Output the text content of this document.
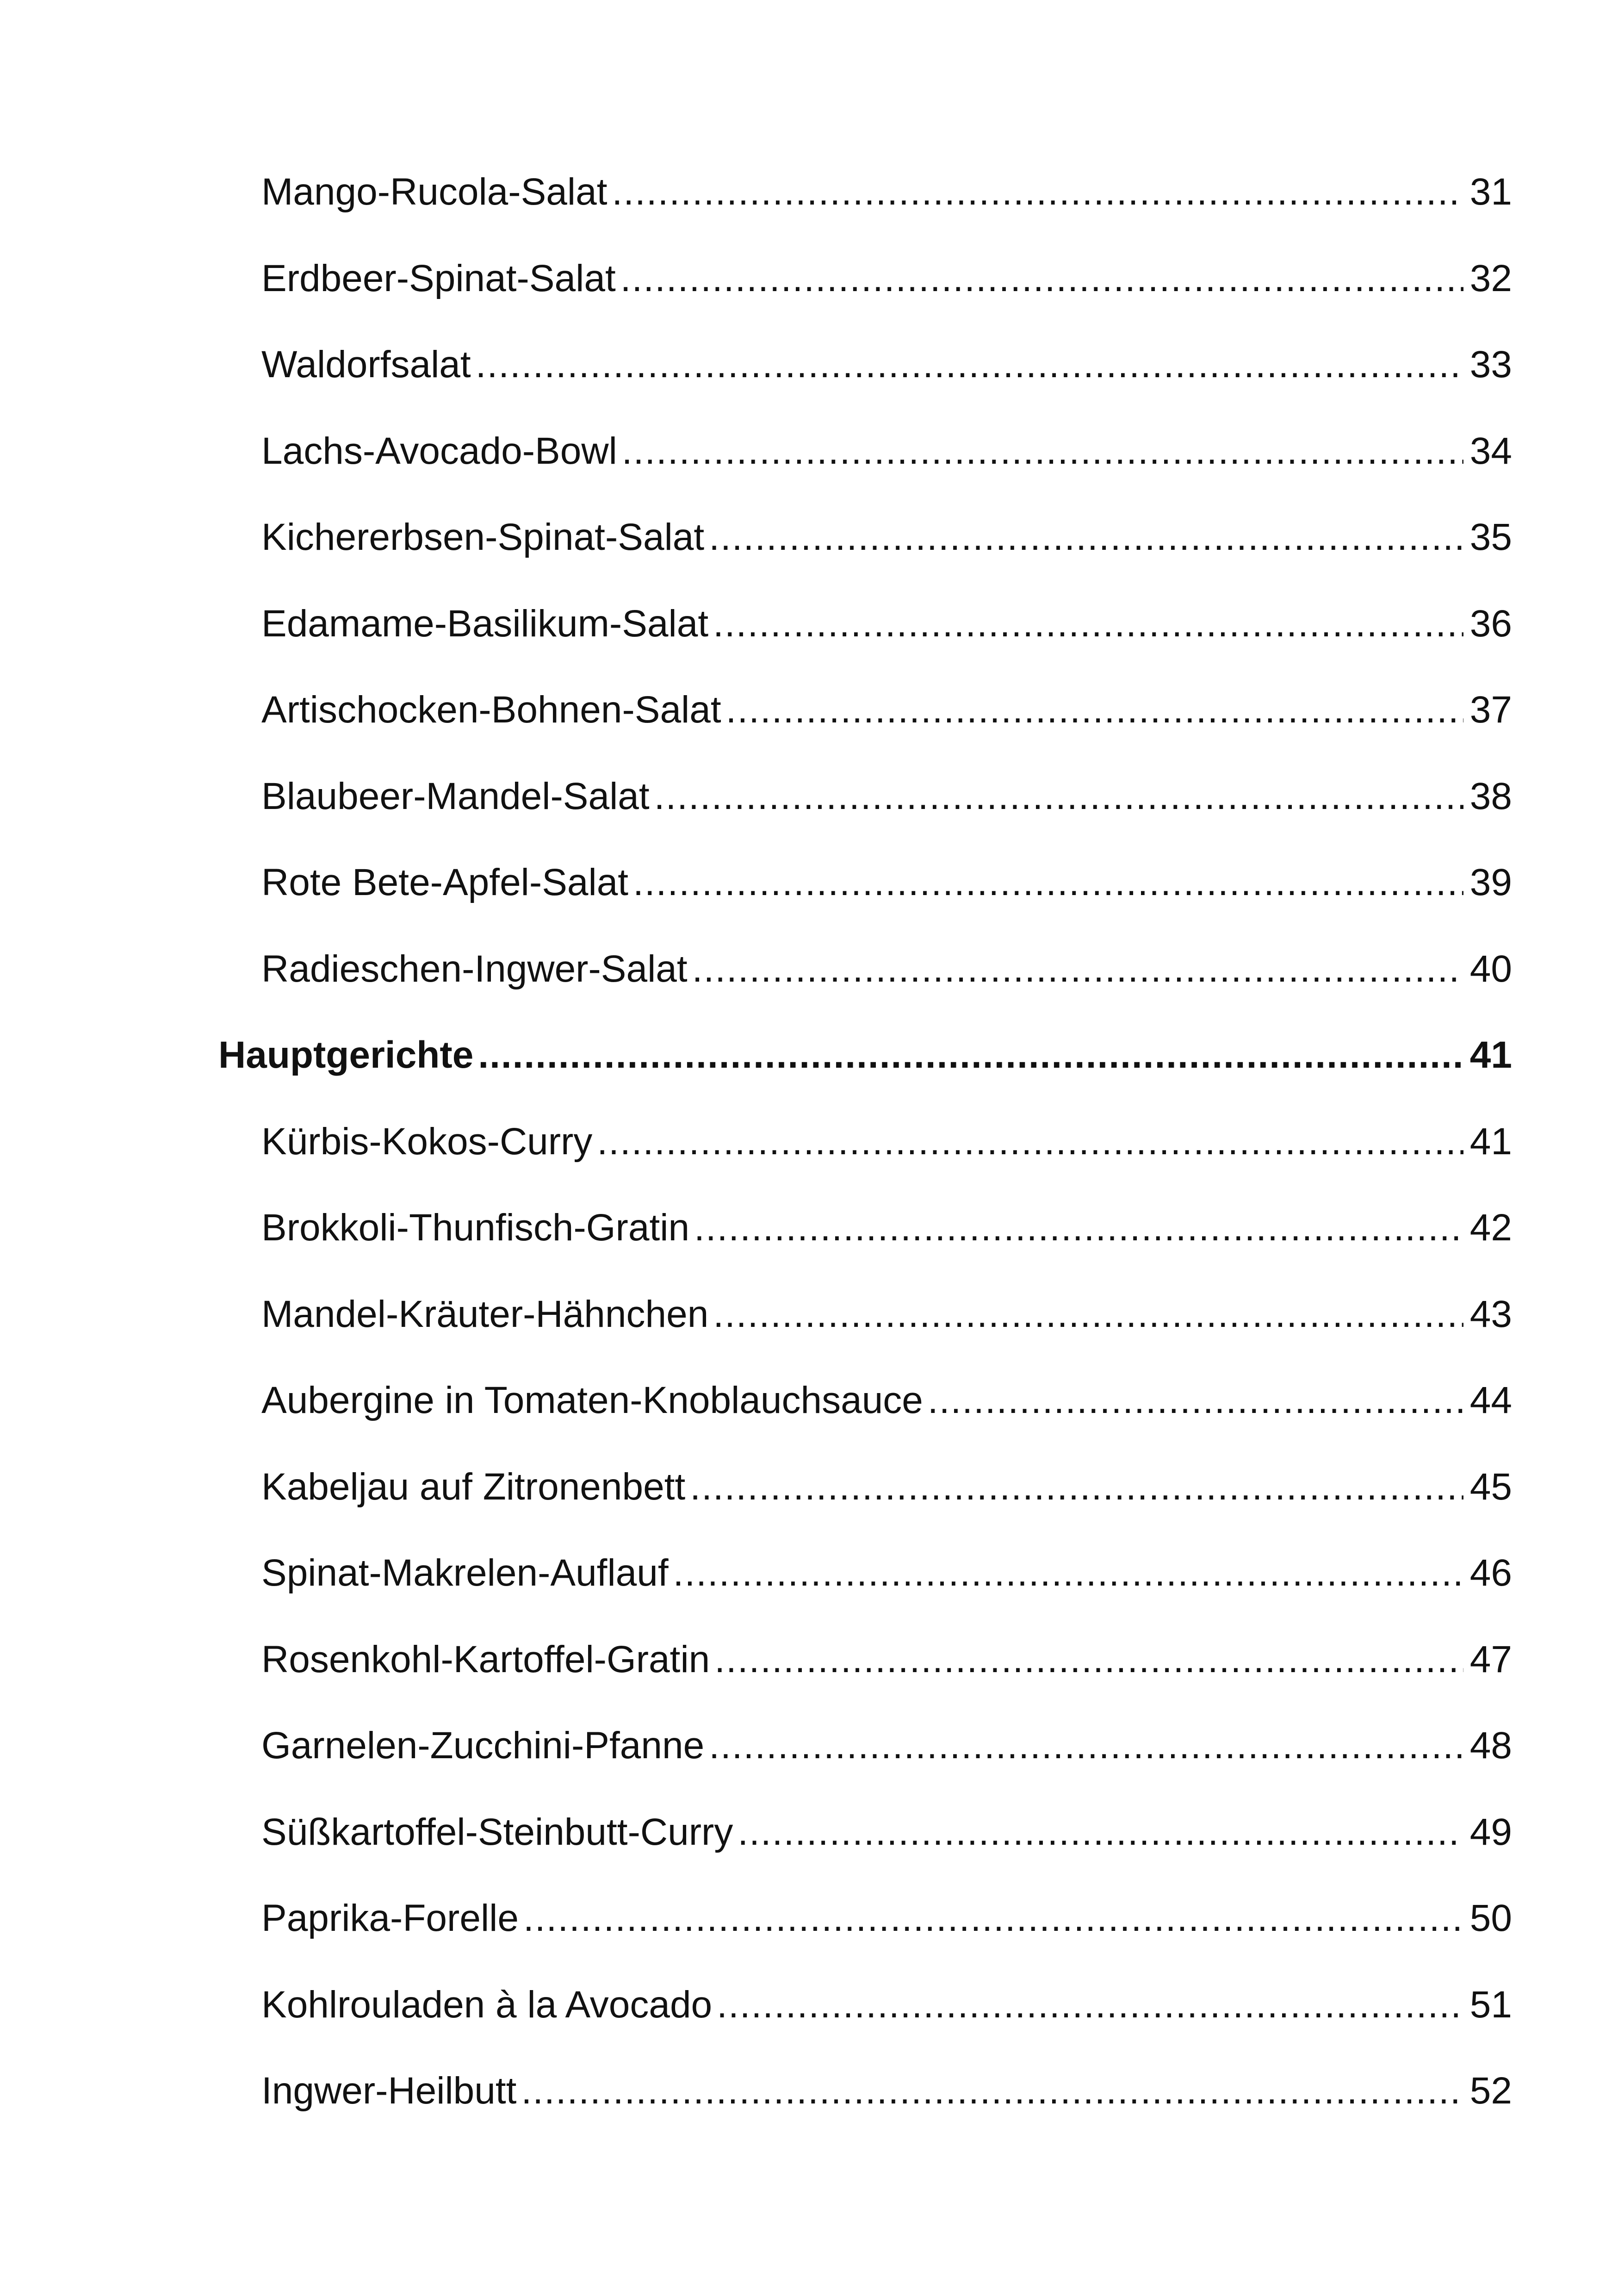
Mango-Rucola-Salat .....	31
Erdbeer-Spinat-Salat .....	32
Waldorfsalat .....	33
Lachs-Avocado-Bowl .....	34
Kichererbsen-Spinat-Salat .....	35
Edamame-Basilikum-Salat .....	36
Artischocken-Bohnen-Salat .....	37
Blaubeer-Mandel-Salat .....	38
Rote Bete-Apfel-Salat .....	39
Radieschen-Ingwer-Salat .....	40
Hauptgerichte .....	41
Kürbis-Kokos-Curry .....	41
Brokkoli-Thunfisch-Gratin .....	42
Mandel-Kräuter-Hähnchen .....	43
Aubergine in Tomaten-Knoblauchsauce .....	44
Kabeljau auf Zitronenbett .....	45
Spinat-Makrelen-Auflauf .....	46
Rosenkohl-Kartoffel-Gratin .....	47
Garnelen-Zucchini-Pfanne .....	48
Süßkartoffel-Steinbutt-Curry .....	49
Paprika-Forelle .....	50
Kohlrouladen à la Avocado .....	51
Ingwer-Heilbutt .....	52
